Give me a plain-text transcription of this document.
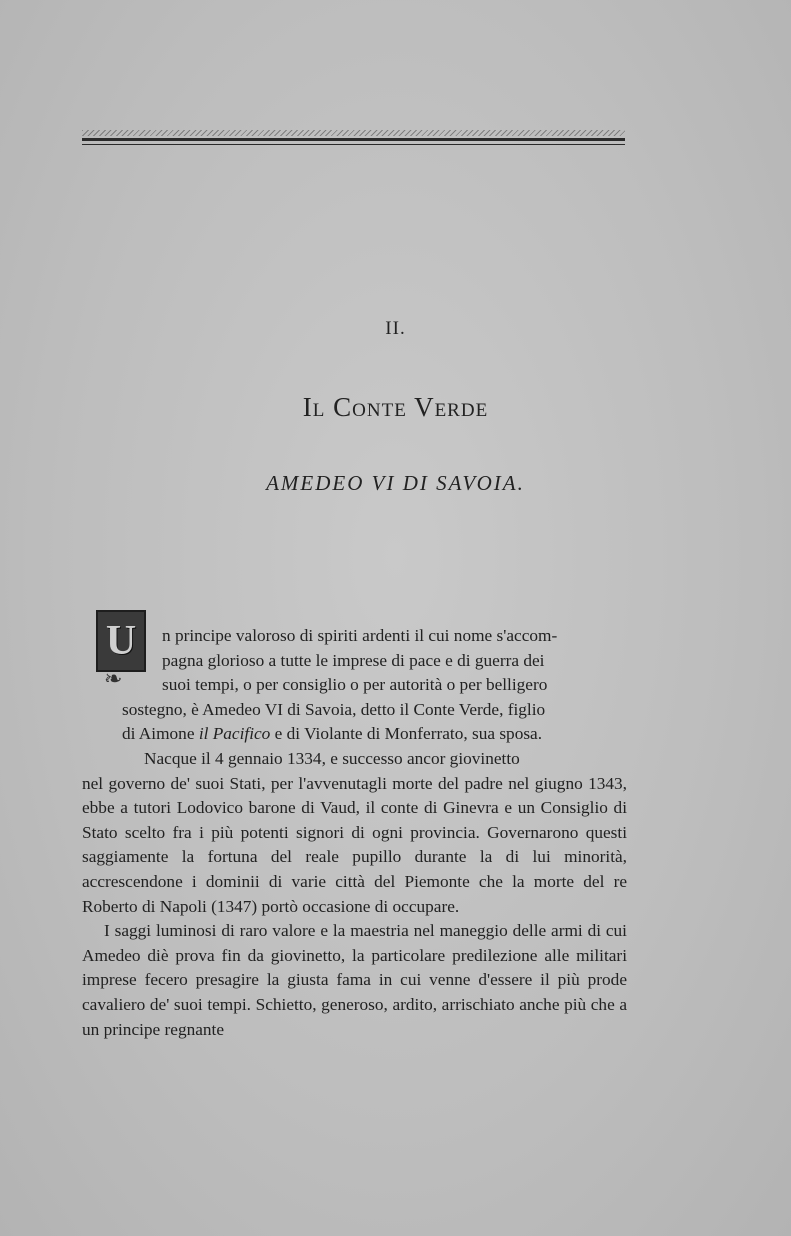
II.
Il Conte Verde
AMEDEO VI DI SAVOIA.
U
❧

n principe valoroso di spiriti ardenti il cui nome s'accom-

pagna glorioso a tutte le imprese di pace e di guerra dei

suoi tempi, o per consiglio o per autorità o per belligero

sostegno, è Amedeo VI di Savoia, detto il Conte Verde, figlio

di Aimone il Pacifico e di Violante di Monferrato, sua sposa.

Nacque il 4 gennaio 1334, e successo ancor giovinetto

nel governo de' suoi Stati, per l'avvenutagli morte del padre nel giugno 1343, ebbe a tutori Lodovico barone di Vaud, il conte di Ginevra e un Consiglio di Stato scelto fra i più potenti signori di ogni provincia. Governarono questi saggiamente la fortuna del reale pupillo durante la di lui minorità, accrescendone i dominii di varie città del Piemonte che la morte del re Roberto di Napoli (1347) portò occasione di occupare.

I saggi luminosi di raro valore e la maestria nel maneggio delle armi di cui Amedeo diè prova fin da giovinetto, la particolare predilezione alle militari imprese fecero presagire la giusta fama in cui venne d'essere il più prode cavaliero de' suoi tempi. Schietto, generoso, ardito, arrischiato anche più che a un principe regnante
